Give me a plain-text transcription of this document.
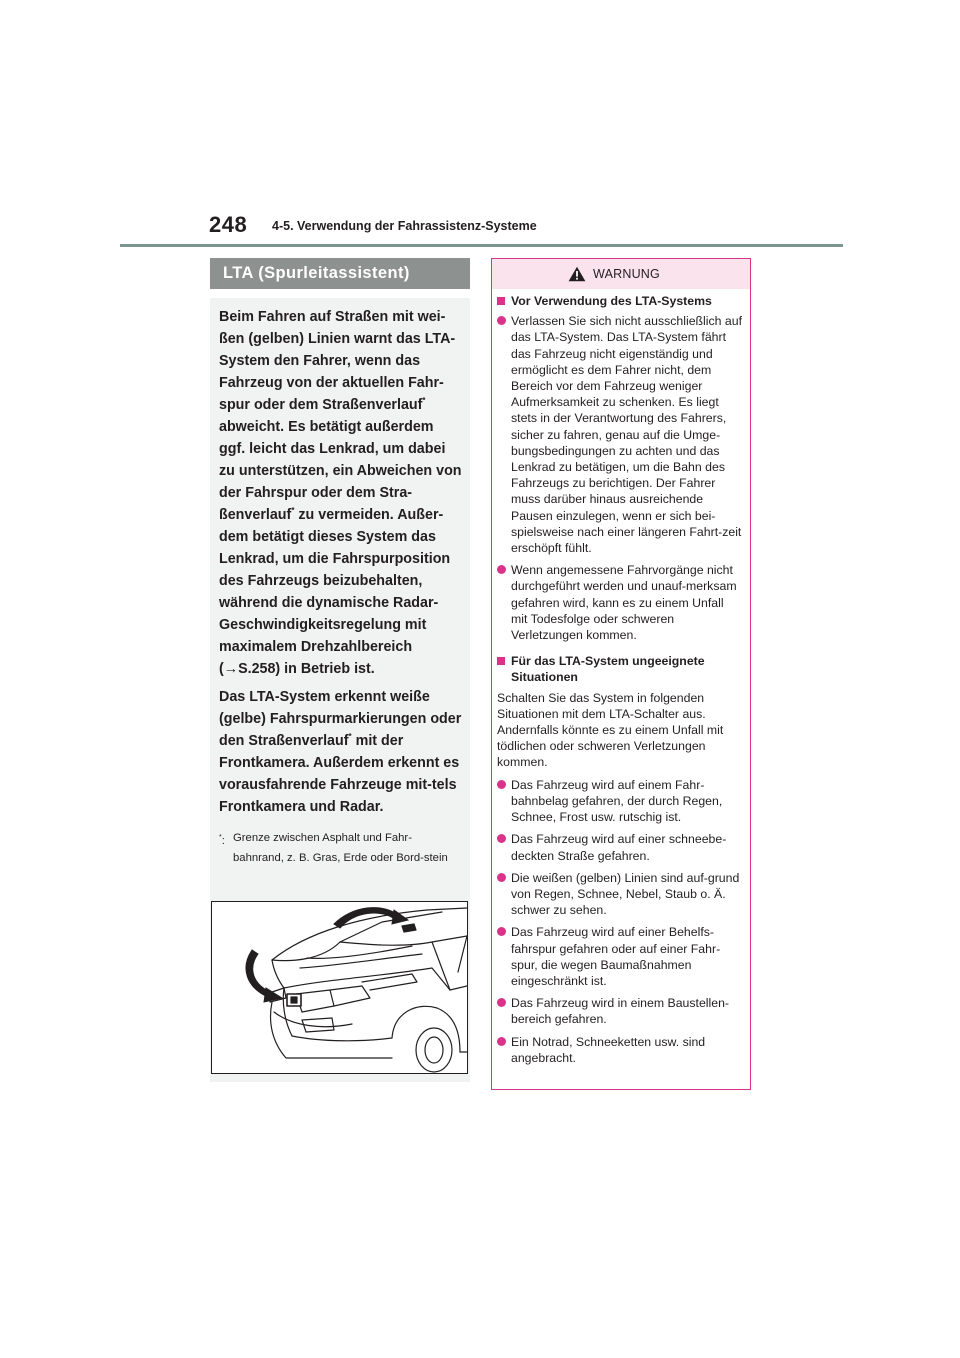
248 4-5. Verwendung der Fahrassistenz-Systeme
LTA (Spurleitassistent)

Beim Fahren auf Straßen mit wei-ßen (gelben) Linien warnt das LTA-System den Fahrer, wenn das Fahrzeug von der aktuellen Fahr-spur oder dem Straßenverlauf* abweicht. Es betätigt außerdem ggf. leicht das Lenkrad, um dabei zu unterstützen, ein Abweichen von der Fahrspur oder dem Stra-ßenverlauf* zu vermeiden. Außer-dem betätigt dieses System das Lenkrad, um die Fahrspurposition des Fahrzeugs beizubehalten, während die dynamische Radar-Geschwindigkeitsregelung mit maximalem Drehzahlbereich (→S.258) in Betrieb ist.

Das LTA-System erkennt weiße (gelbe) Fahrspurmarkierungen oder den Straßenverlauf* mit der Frontkamera. Außerdem erkennt es vorausfahrende Fahrzeuge mit-tels Frontkamera und Radar.

*: Grenze zwischen Asphalt und Fahr-bahnrand, z. B. Gras, Erde oder Bord-stein
WARNUNG
Vor Verwendung des LTA-Systems
Verlassen Sie sich nicht ausschließlich auf das LTA-System. Das LTA-System fährt das Fahrzeug nicht eigenständig und ermöglicht es dem Fahrer nicht, dem Bereich vor dem Fahrzeug weniger Aufmerksamkeit zu schenken. Es liegt stets in der Verantwortung des Fahrers, sicher zu fahren, genau auf die Umge-bungsbedingungen zu achten und das Lenkrad zu betätigen, um die Bahn des Fahrzeugs zu berichtigen. Der Fahrer muss darüber hinaus ausreichende Pausen einzulegen, wenn er sich bei-spielsweise nach einer längeren Fahrt-zeit erschöpft fühlt.
Wenn angemessene Fahrvorgänge nicht durchgeführt werden und unauf-merksam gefahren wird, kann es zu einem Unfall mit Todesfolge oder schweren Verletzungen kommen.
Für das LTA-System ungeeignete Situationen

Schalten Sie das System in folgenden Situationen mit dem LTA-Schalter aus. Andernfalls könnte es zu einem Unfall mit tödlichen oder schweren Verletzungen kommen.

Das Fahrzeug wird auf einem Fahr-bahnbelag gefahren, der durch Regen, Schnee, Frost usw. rutschig ist.
Das Fahrzeug wird auf einer schneebe-deckten Straße gefahren.
Die weißen (gelben) Linien sind auf-grund von Regen, Schnee, Nebel, Staub o. Ä. schwer zu sehen.
Das Fahrzeug wird auf einer Behelfs-fahrspur gefahren oder auf einer Fahr-spur, die wegen Baumaßnahmen eingeschränkt ist.
Das Fahrzeug wird in einem Baustellen-bereich gefahren.
Ein Notrad, Schneeketten usw. sind angebracht.
